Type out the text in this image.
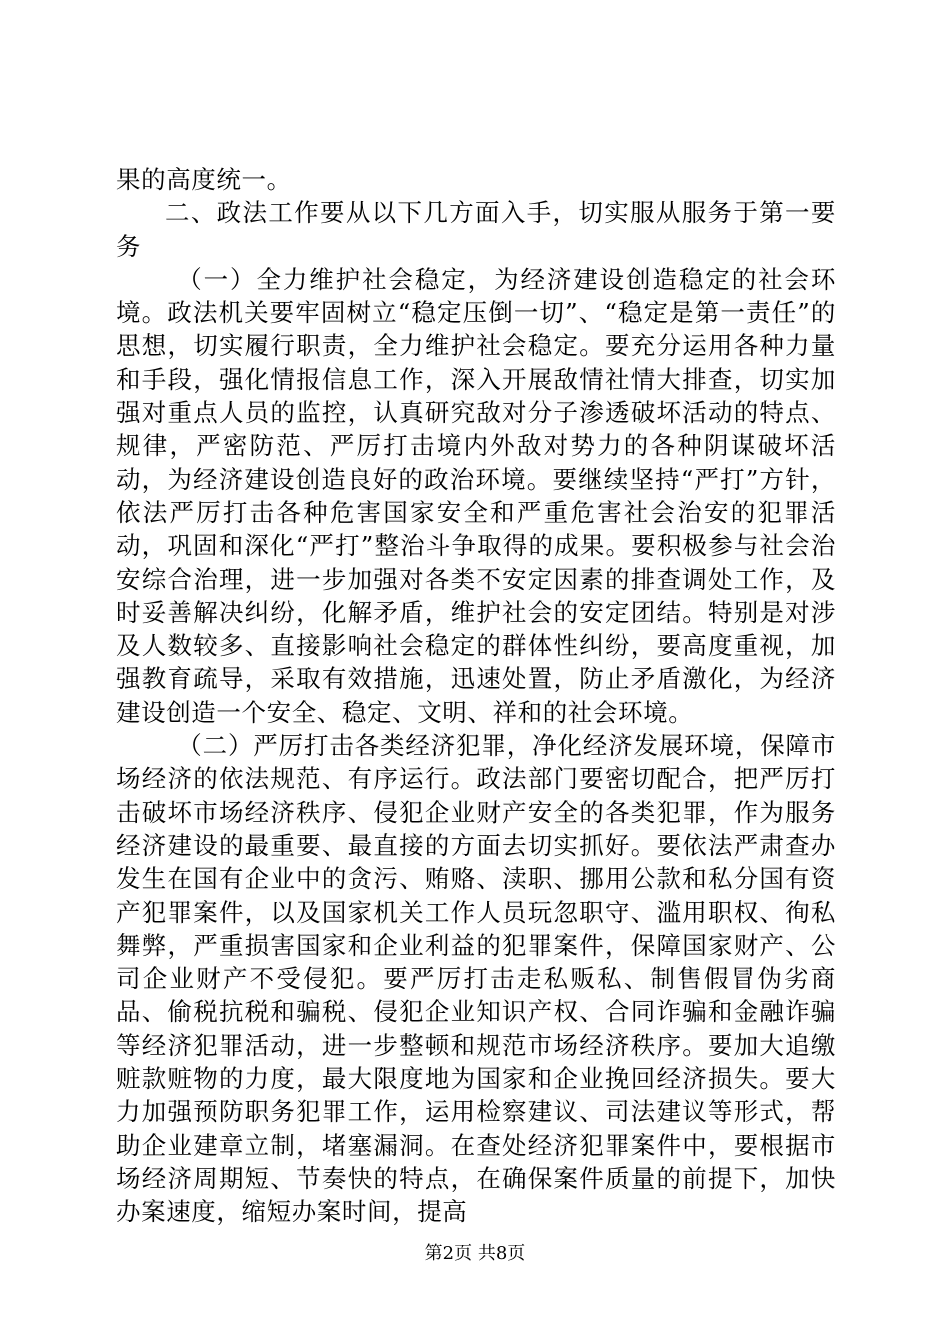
果的高度统一。

二、政法工作要从以下几方面入手，切实服从服务于第一要务

（一）全力维护社会稳定，为经济建设创造稳定的社会环境。政法机关要牢固树立“稳定压倒一切”、“稳定是第一责任”的思想，切实履行职责，全力维护社会稳定。要充分运用各种力量和手段，强化情报信息工作，深入开展敌情社情大排查，切实加强对重点人员的监控，认真研究敌对分子渗透破坏活动的特点、规律，严密防范、严厉打击境内外敌对势力的各种阴谋破坏活动，为经济建设创造良好的政治环境。要继续坚持“严打”方针，依法严厉打击各种危害国家安全和严重危害社会治安的犯罪活动，巩固和深化“严打”整治斗争取得的成果。要积极参与社会治安综合治理，进一步加强对各类不安定因素的排查调处工作，及时妥善解决纠纷，化解矛盾，维护社会的安定团结。特别是对涉及人数较多、直接影响社会稳定的群体性纠纷，要高度重视，加强教育疏导，采取有效措施，迅速处置，防止矛盾激化，为经济建设创造一个安全、稳定、文明、祥和的社会环境。

（二）严厉打击各类经济犯罪，净化经济发展环境，保障市场经济的依法规范、有序运行。政法部门要密切配合，把严厉打击破坏市场经济秩序、侵犯企业财产安全的各类犯罪，作为服务经济建设的最重要、最直接的方面去切实抓好。要依法严肃查办发生在国有企业中的贪污、贿赂、渎职、挪用公款和私分国有资产犯罪案件，以及国家机关工作人员玩忽职守、滥用职权、徇私舞弊，严重损害国家和企业利益的犯罪案件，保障国家财产、公司企业财产不受侵犯。要严厉打击走私贩私、制售假冒伪劣商品、偷税抗税和骗税、侵犯企业知识产权、合同诈骗和金融诈骗等经济犯罪活动，进一步整顿和规范市场经济秩序。要加大追缴赃款赃物的力度，最大限度地为国家和企业挽回经济损失。要大力加强预防职务犯罪工作，运用检察建议、司法建议等形式，帮助企业建章立制，堵塞漏洞。在查处经济犯罪案件中，要根据市场经济周期短、节奏快的特点，在确保案件质量的前提下，加快办案速度，缩短办案时间，提高

第2页 共8页
